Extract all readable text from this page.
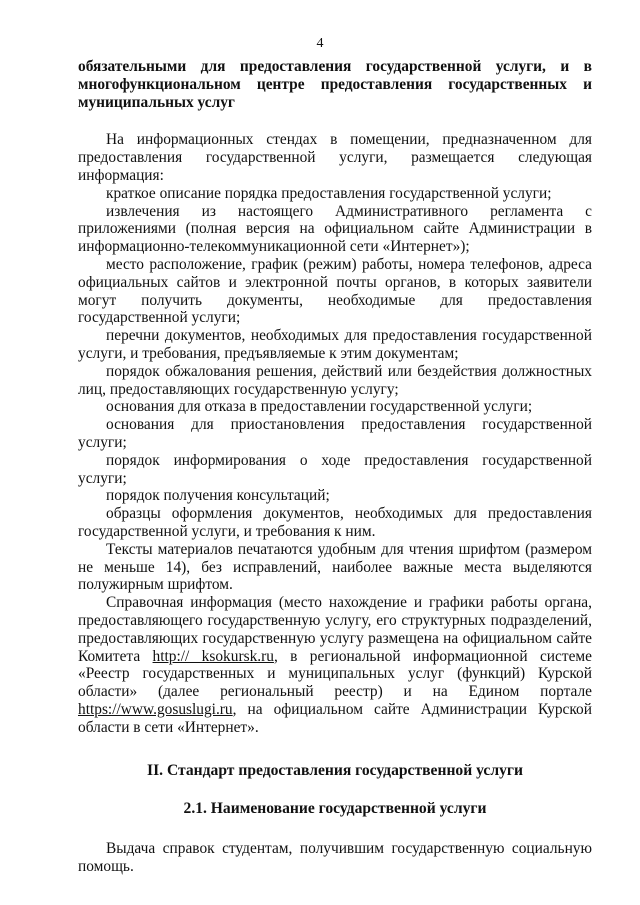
4

обязательными для предоставления государственной услуги, и в многофункциональном центре предоставления государственных и муниципальных услуг

На информационных стендах в помещении, предназначенном для предоставления государственной услуги, размещается следующая информация:

краткое описание порядка предоставления государственной услуги;

извлечения из настоящего Административного регламента с приложениями (полная версия на официальном сайте Администрации в информационно-телекоммуникационной сети «Интернет»);

место расположение, график (режим) работы, номера телефонов, адреса официальных сайтов и электронной почты органов, в которых заявители могут получить документы, необходимые для предоставления государственной услуги;

перечни документов, необходимых для предоставления государственной услуги, и требования, предъявляемые к этим документам;

порядок обжалования решения, действий или бездействия должностных лиц, предоставляющих государственную услугу;

основания для отказа в предоставлении государственной услуги;

основания для приостановления предоставления государственной услуги;

порядок информирования о ходе предоставления государственной услуги;

порядок получения консультаций;

образцы оформления документов, необходимых для предоставления государственной услуги, и требования к ним.

Тексты материалов печатаются удобным для чтения шрифтом (размером не меньше 14), без исправлений, наиболее важные места выделяются полужирным шрифтом.

Справочная информация (место нахождение и графики работы органа, предоставляющего государственную услугу, его структурных подразделений, предоставляющих государственную услугу размещена на официальном сайте Комитета http:// ksokursk.ru, в региональной информационной системе «Реестр государственных и муниципальных услуг (функций) Курской области» (далее региональный реестр) и на Едином портале https://www.gosuslugi.ru, на официальном сайте Администрации Курской области в сети «Интернет».

II. Стандарт предоставления государственной услуги

2.1. Наименование государственной услуги

Выдача справок студентам, получившим государственную социальную помощь.
